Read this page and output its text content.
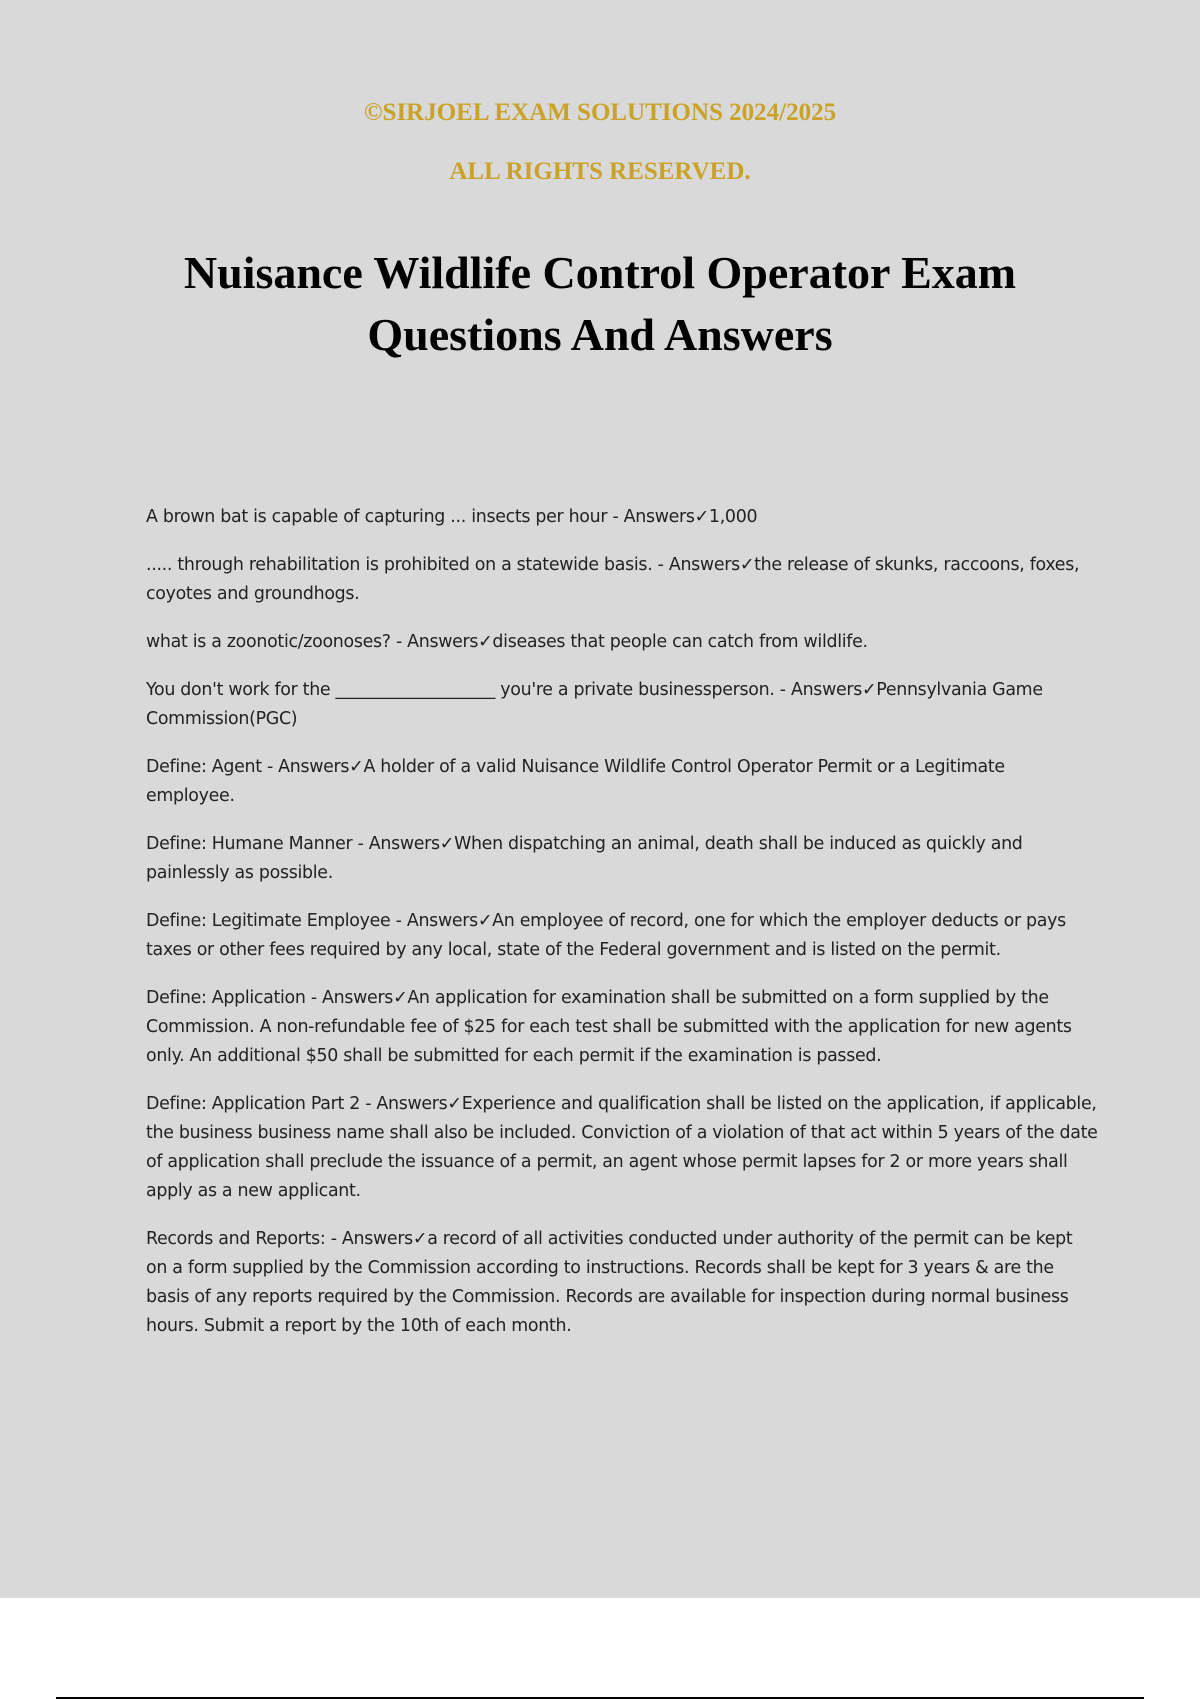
©SIRJOEL EXAM SOLUTIONS 2024/2025

ALL RIGHTS RESERVED.

Nuisance Wildlife Control Operator Exam Questions And Answers
A brown bat is capable of capturing ... insects per hour - Answers✓1,000
..... through rehabilitation is prohibited on a statewide basis. - Answers✓the release of skunks, raccoons, foxes, coyotes and groundhogs.
what is a zoonotic/zoonoses? - Answers✓diseases that people can catch from wildlife.
You don't work for the ___________________ you're a private businessperson. - Answers✓Pennsylvania Game Commission(PGC)
Define: Agent - Answers✓A holder of a valid Nuisance Wildlife Control Operator Permit or a Legitimate employee.
Define: Humane Manner - Answers✓When dispatching an animal, death shall be induced as quickly and painlessly as possible.
Define: Legitimate Employee - Answers✓An employee of record, one for which the employer deducts or pays taxes or other fees required by any local, state of the Federal government and is listed on the permit.
Define: Application - Answers✓An application for examination shall be submitted on a form supplied by the Commission. A non-refundable fee of $25 for each test shall be submitted with the application for new agents only. An additional $50 shall be submitted for each permit if the examination is passed.
Define: Application Part 2 - Answers✓Experience and qualification shall be listed on the application, if applicable, the business business name shall also be included. Conviction of a violation of that act within 5 years of the date of application shall preclude the issuance of a permit, an agent whose permit lapses for 2 or more years shall apply as a new applicant.
Records and Reports: - Answers✓a record of all activities conducted under authority of the permit can be kept on a form supplied by the Commission according to instructions. Records shall be kept for 3 years & are the basis of any reports required by the Commission. Records are available for inspection during normal business hours. Submit a report by the 10th of each month.
